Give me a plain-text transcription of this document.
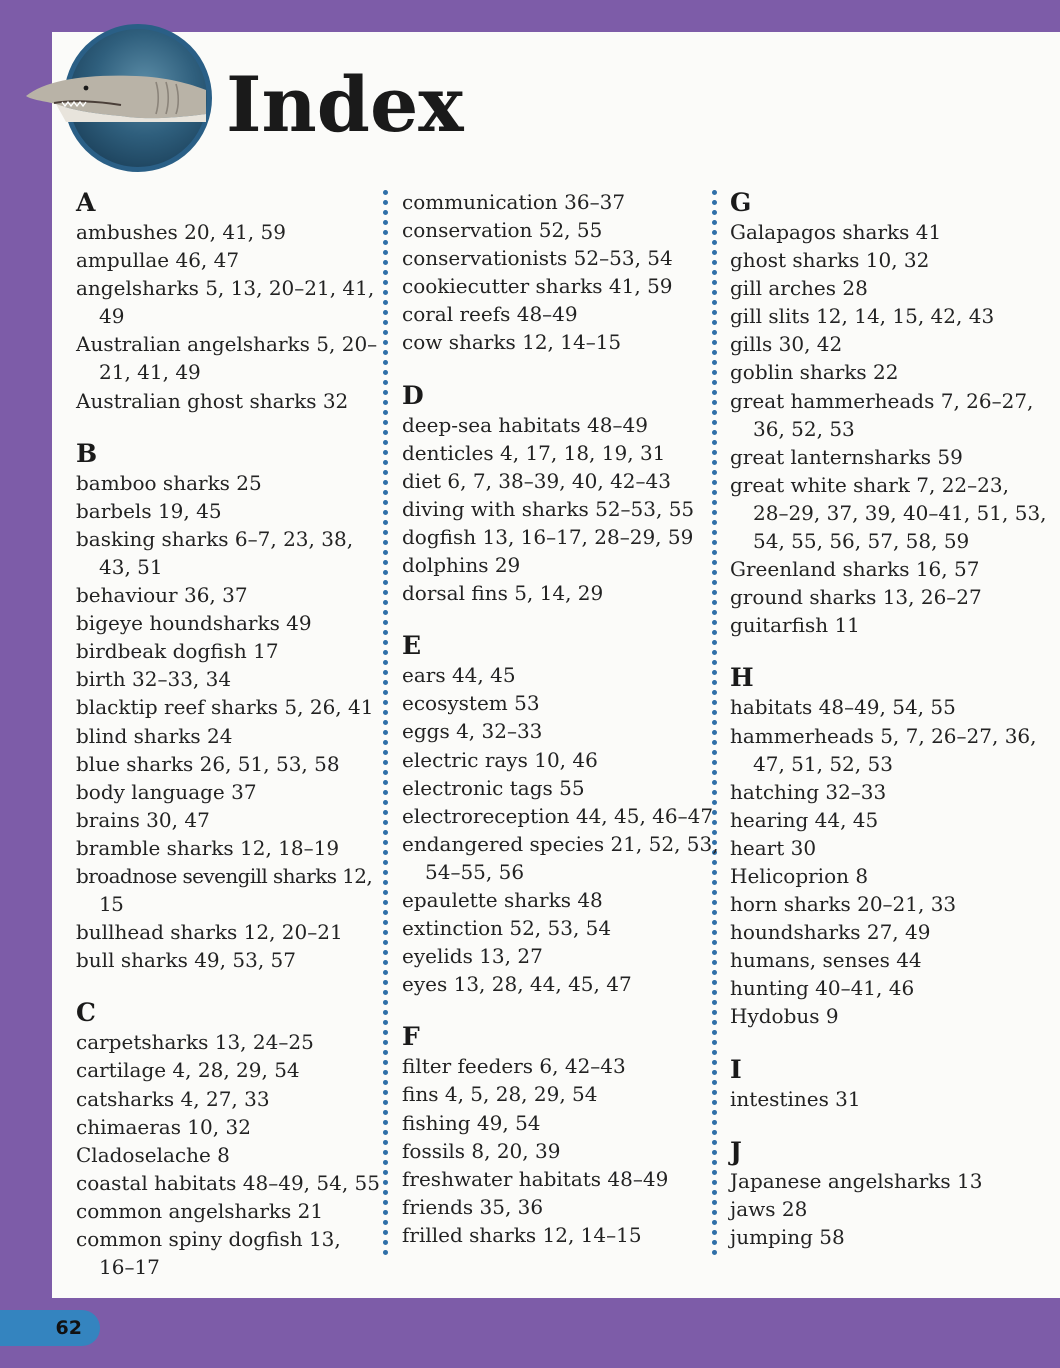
Index
A

ambushes 20, 41, 59

ampullae 46, 47

angelsharks 5, 13, 20–21, 41, 49

Australian angelsharks 5, 20–21, 41, 49

Australian ghost sharks 32

B

bamboo sharks 25

barbels 19, 45

basking sharks 6–7, 23, 38, 43, 51

behaviour 36, 37

bigeye houndsharks 49

birdbeak dogfish 17

birth 32–33, 34

blacktip reef sharks 5, 26, 41

blind sharks 24

blue sharks 26, 51, 53, 58

body language 37

brains 30, 47

bramble sharks 12, 18–19

broadnose sevengill sharks 12, 15

bullhead sharks 12, 20–21

bull sharks 49, 53, 57

C

carpetsharks 13, 24–25

cartilage 4, 28, 29, 54

catsharks 4, 27, 33

chimaeras 10, 32

Cladoselache 8

coastal habitats 48–49, 54, 55

common angelsharks 21

common spiny dogfish 13, 16–17

communication 36–37

conservation 52, 55

conservationists 52–53, 54

cookiecutter sharks 41, 59

coral reefs 48–49

cow sharks 12, 14–15

D

deep-sea habitats 48–49

denticles 4, 17, 18, 19, 31

diet 6, 7, 38–39, 40, 42–43

diving with sharks 52–53, 55

dogfish 13, 16–17, 28–29, 59

dolphins 29

dorsal fins 5, 14, 29

E

ears 44, 45

ecosystem 53

eggs 4, 32–33

electric rays 10, 46

electronic tags 55

electroreception 44, 45, 46–47

endangered species 21, 52, 53, 54–55, 56

epaulette sharks 48

extinction 52, 53, 54

eyelids 13, 27

eyes 13, 28, 44, 45, 47

F

filter feeders 6, 42–43

fins 4, 5, 28, 29, 54

fishing 49, 54

fossils 8, 20, 39

freshwater habitats 48–49

friends 35, 36

frilled sharks 12, 14–15

G

Galapagos sharks 41

ghost sharks 10, 32

gill arches 28

gill slits 12, 14, 15, 42, 43

gills 30, 42

goblin sharks 22

great hammerheads 7, 26–27, 36, 52, 53

great lanternsharks 59

great white shark 7, 22–23, 28–29, 37, 39, 40–41, 51, 53, 54, 55, 56, 57, 58, 59

Greenland sharks 16, 57

ground sharks 13, 26–27

guitarfish 11

H

habitats 48–49, 54, 55

hammerheads 5, 7, 26–27, 36, 47, 51, 52, 53

hatching 32–33

hearing 44, 45

heart 30

Helicoprion 8

horn sharks 20–21, 33

houndsharks 27, 49

humans, senses 44

hunting 40–41, 46

Hydobus 9

I

intestines 31

J

Japanese angelsharks 13

jaws 28

jumping 58

62
